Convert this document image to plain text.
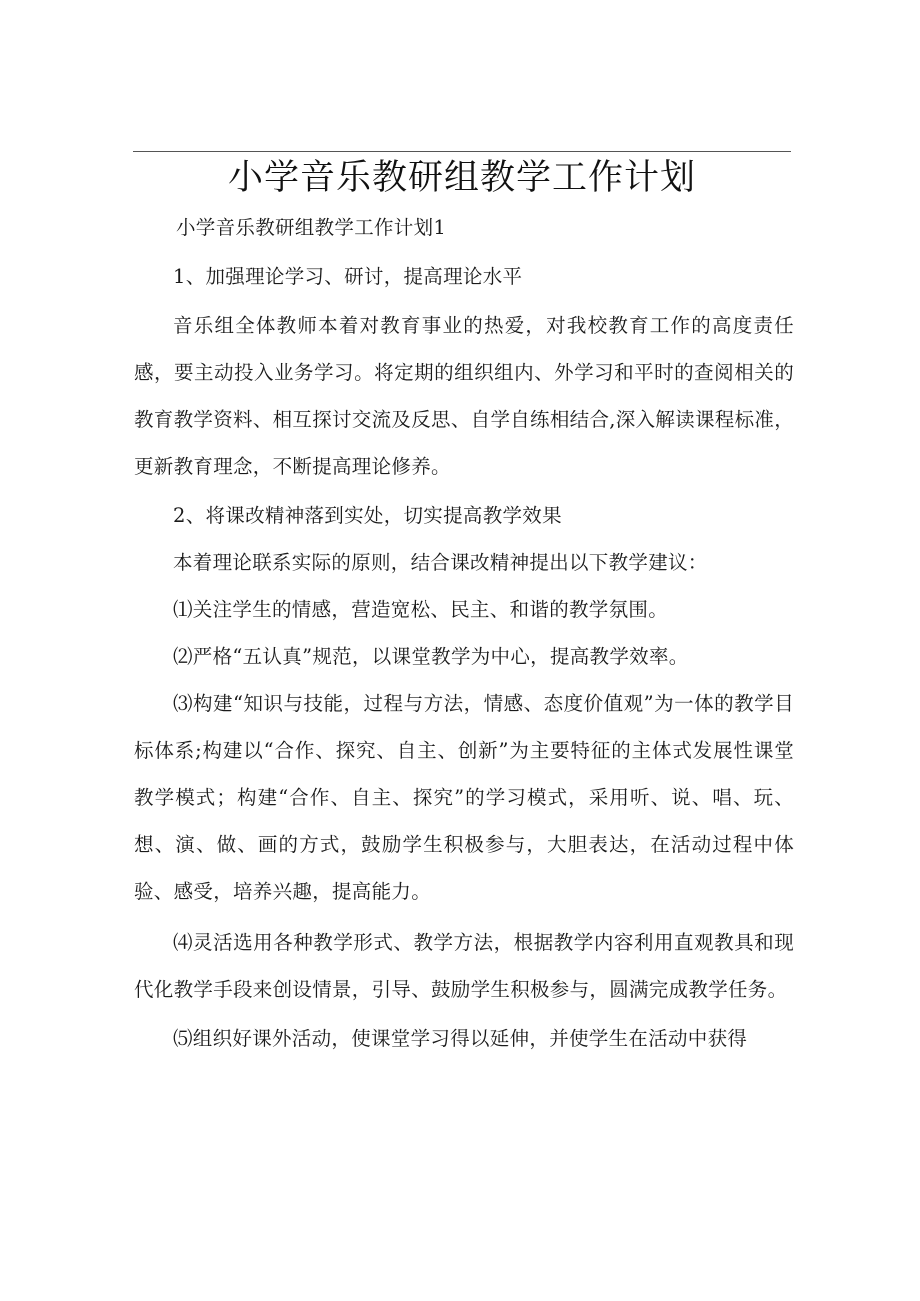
小学音乐教研组教学工作计划

小学音乐教研组教学工作计划1

1、加强理论学习、研讨，提高理论水平

音乐组全体教师本着对教育事业的热爱，对我校教育工作的高度责任感，要主动投入业务学习。将定期的组织组内、外学习和平时的查阅相关的教育教学资料、相互探讨交流及反思、自学自练相结合,深入解读课程标准，更新教育理念，不断提高理论修养。

2、将课改精神落到实处，切实提高教学效果

本着理论联系实际的原则，结合课改精神提出以下教学建议：

⑴关注学生的情感，营造宽松、民主、和谐的教学氛围。

⑵严格“五认真”规范，以课堂教学为中心，提高教学效率。

⑶构建“知识与技能，过程与方法，情感、态度价值观”为一体的教学目标体系;构建以“合作、探究、自主、创新”为主要特征的主体式发展性课堂教学模式；构建“合作、自主、探究”的学习模式，采用听、说、唱、玩、想、演、做、画的方式，鼓励学生积极参与，大胆表达，在活动过程中体验、感受，培养兴趣，提高能力。

⑷灵活选用各种教学形式、教学方法，根据教学内容利用直观教具和现代化教学手段来创设情景，引导、鼓励学生积极参与，圆满完成教学任务。

⑸组织好课外活动，使课堂学习得以延伸，并使学生在活动中获得
